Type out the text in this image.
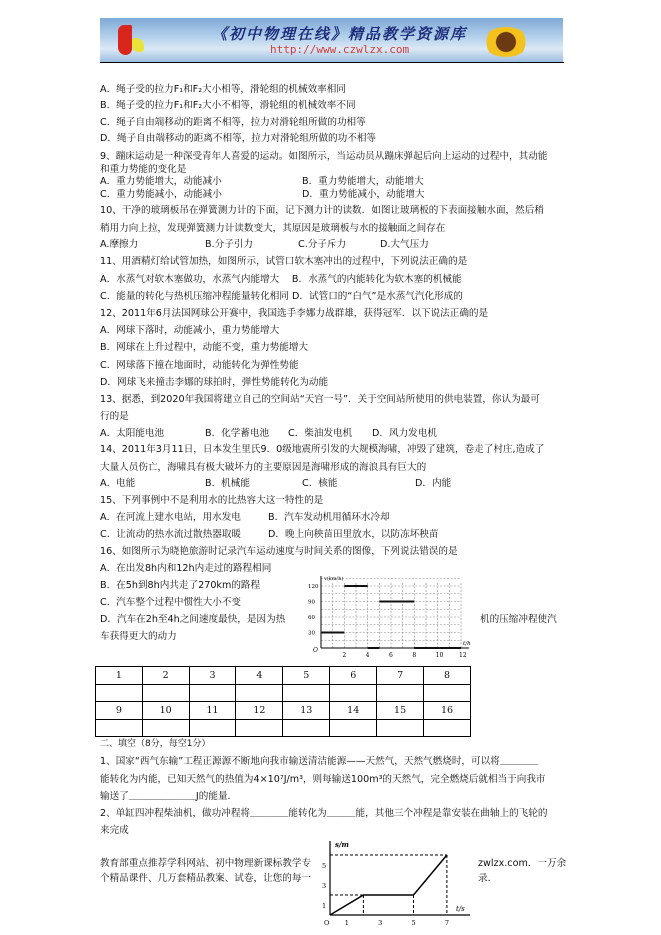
《初中物理在线》精品教学资源库
http://www.czwlzx.com
A．绳子受的拉力F₁和F₂大小相等，滑轮组的机械效率相同
B．绳子受的拉力F₁和F₂大小不相等，滑轮组的机械效率不同
C．绳子自由端移动的距离不相等，拉力对滑轮组所做的功相等
D．绳子自由端移动的距离不相等，拉力对滑轮组所做的功不相等
9、蹦床运动是一种深受青年人喜爱的运动。如图所示，当运动员从蹦床弹起后向上运动的过程中，其动能
和重力势能的变化是
A．重力势能增大，动能减小	B．重力势能增大，动能增大
C．重力势能减小，动能减小	D．重力势能减小，动能增大
10、干净的玻璃板吊在弹簧测力计的下面，记下测力计的读数．如图让玻璃板的下表面接触水面，然后稍
稍用力向上拉，发现弹簧测力计读数变大，其原因是玻璃板与水的接触面之间存在
A.摩擦力	B.分子引力	C.分子斥力	D.大气压力
11、用酒精灯给试管加热，如图所示，试管口软木塞冲出的过程中，下列说法正确的是
A．水蒸气对软木塞做功，水蒸气内能增大　 B．水蒸气的内能转化为软木塞的机械能
C．能量的转化与热机压缩冲程能量转化相同 D．试管口的“白气”是水蒸气汽化形成的
12、2011年6月法国网球公开赛中，我国选手李娜力战群雄，获得冠军．以下说法正确的是
A．网球下落时，动能减小，重力势能增大
B．网球在上升过程中，动能不变，重力势能增大
C．网球落下撞在地面时，动能转化为弹性势能
D．网球飞来撞击李娜的球拍时，弹性势能转化为动能
13、据悉，到2020年我国将建立自己的空间站“天宫一号”．关于空间站所使用的供电装置，你认为最可
行的是
A．太阳能电池	B．化学蓄电池 C．柴油发电机 D．风力发电机
14、2011年3月11日，日本发生里氏9．0级地震所引发的大规模海啸，冲毁了建筑，卷走了村庄,造成了
大量人员伤亡，海啸具有极大破坏力的主要原因是海啸形成的海浪具有巨大的
A．电能	B．机械能	C．核能	D．内能
15、下列事例中不是利用水的比热容大这一特性的是
A．在河流上建水电站，用水发电	B．汽车发动机用循环水冷却
C．让流动的热水流过散热器取暖	D．晚上向秧苗田里放水，以防冻坏秧苗
16、如图所示为晓艳旅游时记录汽车运动速度与时间关系的图像，下列说法错误的是
A．在出发8h内和12h内走过的路程相同
B．在5h到8h内共走了270km的路程
C．汽车整个过程中惯性大小不变
D．汽车在2h至4h之间速度最快，是因为热	机的压缩冲程使汽
车获得更大的动力
二、填空（8分，每空1分）
1、国家“西气东输”工程正源源不断地向我市输送清洁能源——天然气，天然气燃烧时，可以将＿＿＿＿
能转化为内能，已知天然气的热值为4×10⁷J/m³，则每输送100m³的天然气，完全燃烧后就相当于向我市
输送了＿＿＿＿＿＿＿J的能量．
2、单缸四冲程柴油机，做功冲程将＿＿＿＿能转化为＿＿＿能，其他三个冲程是靠安装在曲轴上的飞轮的
来完成
教育部重点推荐学科网站、初中物理新课标教学专	zwlzx.com．一万余
个精品课件、几万套精品教案、试卷，让您的每一	录．
1	2	3	4	5	6	7	8

9	10	11	12	13	14	15	16

v(km/h)
t/h
O
2	4	6	8	10	12
30
60
90
120
s/m
t/s
O 1	3	5	7
1
3
5
